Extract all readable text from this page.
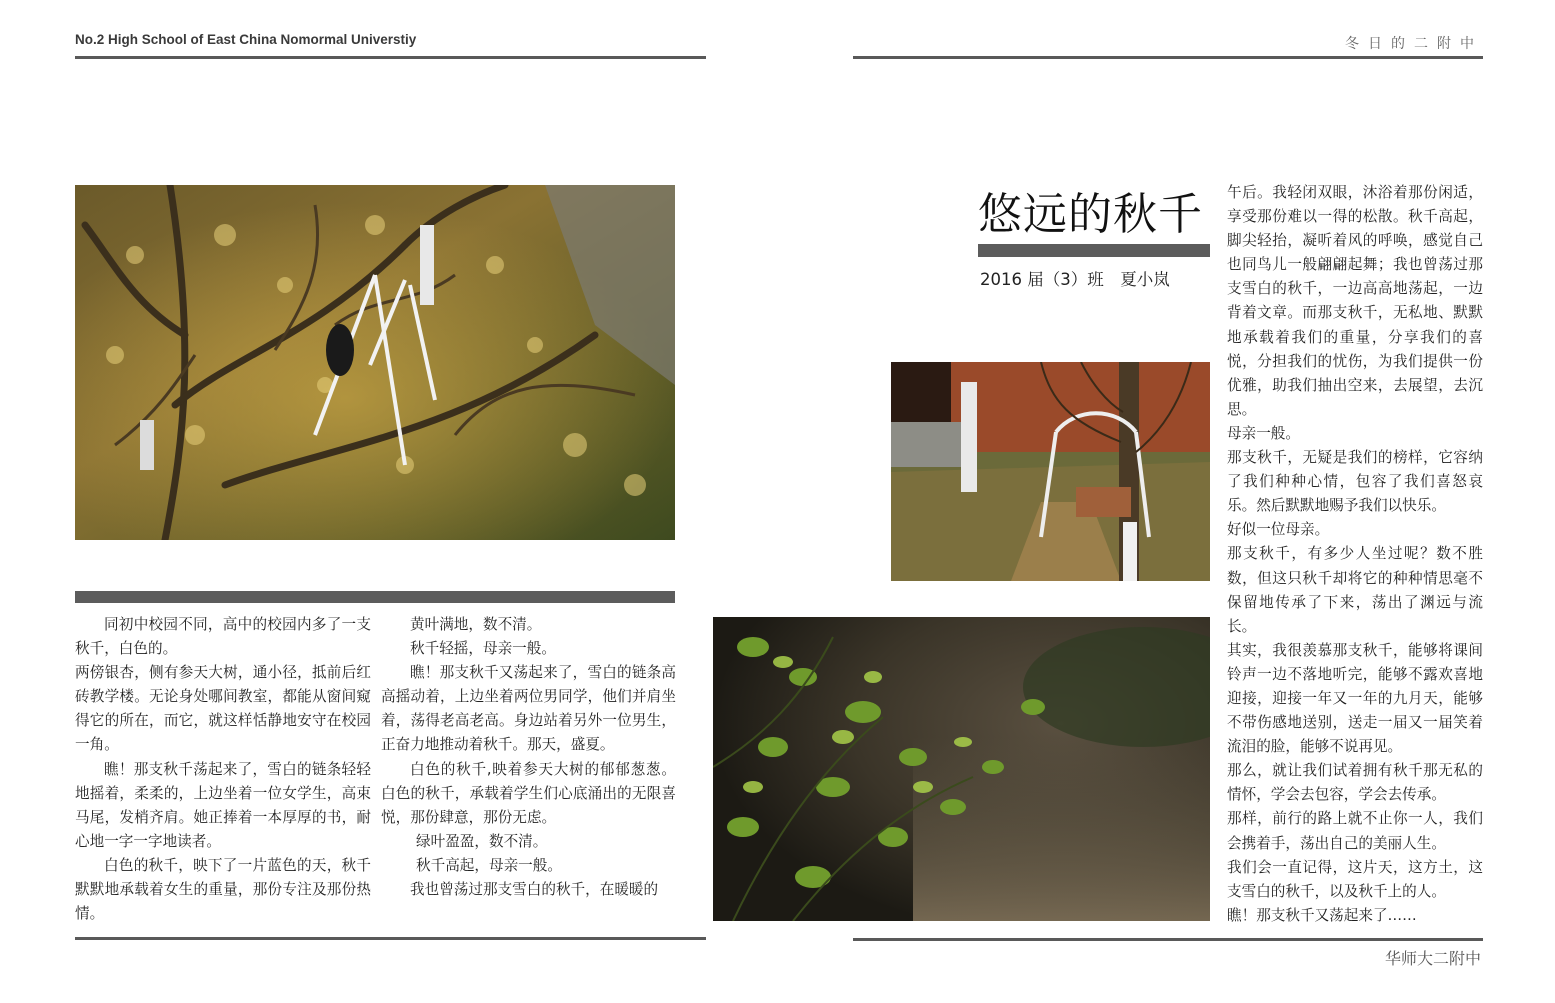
No.2 High School of East China Nomormal Universtiy	冬日的二附中

同初中校园不同，高中的校园内多了一支秋千，白色的。

两傍银杏，侧有参天大树，通小径，抵前后红砖教学楼。无论身处哪间教室，都能从窗间窥得它的所在，而它，就这样恬静地安守在校园一角。

瞧！那支秋千荡起来了，雪白的链条轻轻地摇着，柔柔的，上边坐着一位女学生，高束马尾，发梢齐肩。她正捧着一本厚厚的书，耐心地一字一字地读者。

白色的秋千，映下了一片蓝色的天，秋千默默地承载着女生的重量，那份专注及那份热情。

黄叶满地，数不清。

秋千轻摇，母亲一般。

瞧！那支秋千又荡起来了，雪白的链条高高摇动着，上边坐着两位男同学，他们并肩坐着，荡得老高老高。身边站着另外一位男生，正奋力地推动着秋千。那天，盛夏。

白色的秋千,映着参天大树的郁郁葱葱。白色的秋千，承载着学生们心底涌出的无限喜悦，那份肆意，那份无虑。

绿叶盈盈，数不清。

秋千高起，母亲一般。

我也曾荡过那支雪白的秋千，在暖暖的

悠远的秋千
2016 届（3）班　夏小岚

午后。我轻闭双眼，沐浴着那份闲适，享受那份难以一得的松散。秋千高起，脚尖轻抬，凝听着风的呼唤，感觉自己也同鸟儿一般翩翩起舞；我也曾荡过那支雪白的秋千，一边高高地荡起，一边背着文章。而那支秋千，无私地、默默地承载着我们的重量，分享我们的喜悦，分担我们的忧伤，为我们提供一份优雅，助我们抽出空来，去展望，去沉思。

母亲一般。

那支秋千，无疑是我们的榜样，它容纳了我们种种心情，包容了我们喜怒哀乐。然后默默地赐予我们以快乐。

好似一位母亲。

那支秋千，有多少人坐过呢？数不胜数，但这只秋千却将它的种种情思毫不保留地传承了下来，荡出了渊远与流长。

其实，我很羡慕那支秋千，能够将课间铃声一边不落地听完，能够不露欢喜地迎接，迎接一年又一年的九月天，能够不带伤感地送别，送走一届又一届笑着流泪的脸，能够不说再见。

那么，就让我们试着拥有秋千那无私的情怀，学会去包容，学会去传承。

那样，前行的路上就不止你一人，我们会携着手，荡出自己的美丽人生。

我们会一直记得，这片天，这方土，这支雪白的秋千，以及秋千上的人。

瞧！那支秋千又荡起来了……

华师大二附中
